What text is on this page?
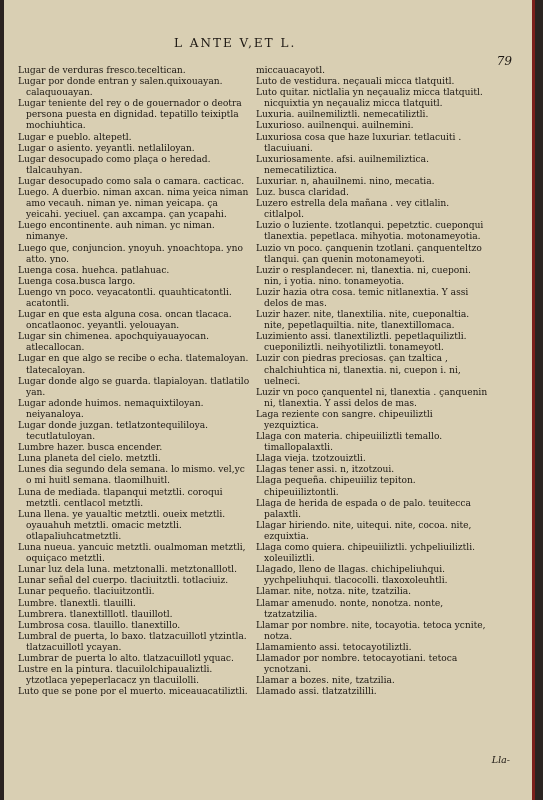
L ANTE V,ET L.
79

Lugar de verduras fresco.teceltican.

Lugar por donde entran y salen.quixouayan. calaquouayan.

Lugar teniente del rey o de gouernador o deotra persona puesta en dignidad. tepatillo teixiptla mochiuhtica.

Lugar e pueblo. altepetl.

Lugar o asiento. yeyantli. netlaliloyan.

Lugar desocupado como plaça o heredad. tlalcauhyan.

Lugar desocupado como sala o camara. cacticac.

Luego. A duerbio. niman axcan. nima yeica niman amo vecauh. niman ye. niman yeicapa. ça yeicahi. yeciuel. çan axcampa. çan ycapahi.

Luego encontinente. auh niman. yc niman. nimanye.

Luego que, conjuncion. ynoyuh. ynoachtopa. yno atto. yno.

Luenga cosa. huehca. patlahuac.

Luenga cosa.busca largo.

Luengo vn poco. veyacatontli. quauhticatontli. acatontli.

Lugar en que esta alguna cosa. oncan tlacaca. oncatlaonoc. yeyantli. yelouayan.

Lugar sin chimenea. apochquiyauayocan. atlecallocan.

Lugar en que algo se recibe o echa. tlatemaloyan. tlatecaloyan.

Lugar donde algo se guarda. tlapialoyan. tlatlatilo yan.

Lugar adonde huimos. nemaquixtiloyan. neiyanaloya.

Lugar donde juzgan. tetlatzontequililoya. tecutlatuloyan.

Lumbre hazer. busca encender.

Luna planeta del cielo. metztli.

Lunes dia segundo dela semana. lo mismo. vel,yc o mi huitl semana. tlaomilhuitl.

Luna de mediada. tlapanqui metztli. coroqui metztli. centlacol metztli.

Luna llena. ye yaualtic metztli. oueix metztli. oyauahuh metztli. omacic metztli. otlapaliuhcatmetztli.

Luna nueua. yancuic metztli. oualmoman metztli, oquiçaco metztli.

Lunar luz dela luna. metztonalli. metztonalllotl.

Lunar señal del cuerpo. tlaciuitztli. totlaciuiz.

Lunar pequeño. tlaciuitzontli.

Lumbre. tlanextli. tlauilli.

Lumbrera. tlanextilllotl. tlauillotl.

Lumbrosa cosa. tlauillo. tlanextillo.

Lumbral de puerta, lo baxo. tlatzacuillotl ytzintla. tlatzacuillotl ycayan.

Lumbrar de puerta lo alto. tlatzacuillotl yquac.

Lustre en la pintura. tlacuilolchipaualiztli. ytzotlaca yepeperlacacz yn tlacuilolli.

Luto que se pone por el muerto. miceauacatiliztli.

miccauacayotl.

Luto de vestidura. neçauali micca tlatquitl.

Luto quitar. nictlalia yn neçaualiz micca tlatquitl. nicquixtia yn neçaualiz micca tlatquitl.

Luxuria. auilnemiliztli. nemecatiliztli.

Luxurioso. auilnenqui. auilnemini.

Luxuriosa cosa que haze luxuriar. tetlacuiti . tlacuiuani.

Luxuriosamente. afsi. auilnemiliztica. nemecatiliztica.

Luxuriar. n, ahauilnemi. nino, mecatia.

Luz. busca claridad.

Luzero estrella dela mañana . vey citlalin. citlalpol.

Luzio o luziente. tzotlanqui. pepetztic. cueponqui tlanextia. pepetlaca. mihyotia. motonameyotia.

Luzio vn poco. çanquenin tzotlani. çanquenteltzo tlanqui. çan quenin motonameyoti.

Luzir o resplandecer. ni, tlanextia. ni, cueponi. nin, i yotia. nino. tonameyotia.

Luzir hazia otra cosa. temic nitlanextia. Y assi delos de mas.

Luzir hazer. nite, tlanextilia. nite, cueponaltia. nite, pepetlaquiltia. nite, tlanextillomaca.

Luzimiento assi. tlanextiliztli. pepetlaquiliztli. cueponiliztli. neihyotiliztli. tonameyotl.

Luzir con piedras preciosas. çan tzaltica , chalchiuhtica ni, tlanextia. ni, cuepon i. ni, uelneci.

Luzir vn poco çanquentel ni, tlanextia . çanquenin ni, tlanextia. Y assi delos de mas.

Laga reziente con sangre. chipeuiliztli yezquiztica.

Llaga con materia. chipeuiiliztli temallo. timallopalaxtli.

Llaga vieja. tzotzouiztli.

Llagas tener assi. n, itzotzoui.

Llaga pequeña. chipeuiiliz tepiton. chipeuiiliztontli.

Llaga de herida de espada o de palo. teuitecca palaxtli.

Llagar hiriendo. nite, uitequi. nite, cocoa. nite, ezquixtia.

Llaga como quiera. chipeuiiliztli. ychpeliuiliztli. xoleuiliztli.

Llagado, lleno de llagas. chichipeliuhqui. yychpeliuhqui. tlacocolli. tlaxoxoleuhtli.

Llamar. nite, notza. nite, tzatzilia.

Llamar amenudo. nonte, nonotza. nonte, tzatzatzilia.

Llamar por nombre. nite, tocayotia. tetoca ycnite, notza.

Llamamiento assi. tetocayotiliztli.

Llamador por nombre. tetocayotiani. tetoca ycnotzani.

Llamar a bozes. nite, tzatzilia.

Llamado assi. tlatzatzililli.

Lla-
